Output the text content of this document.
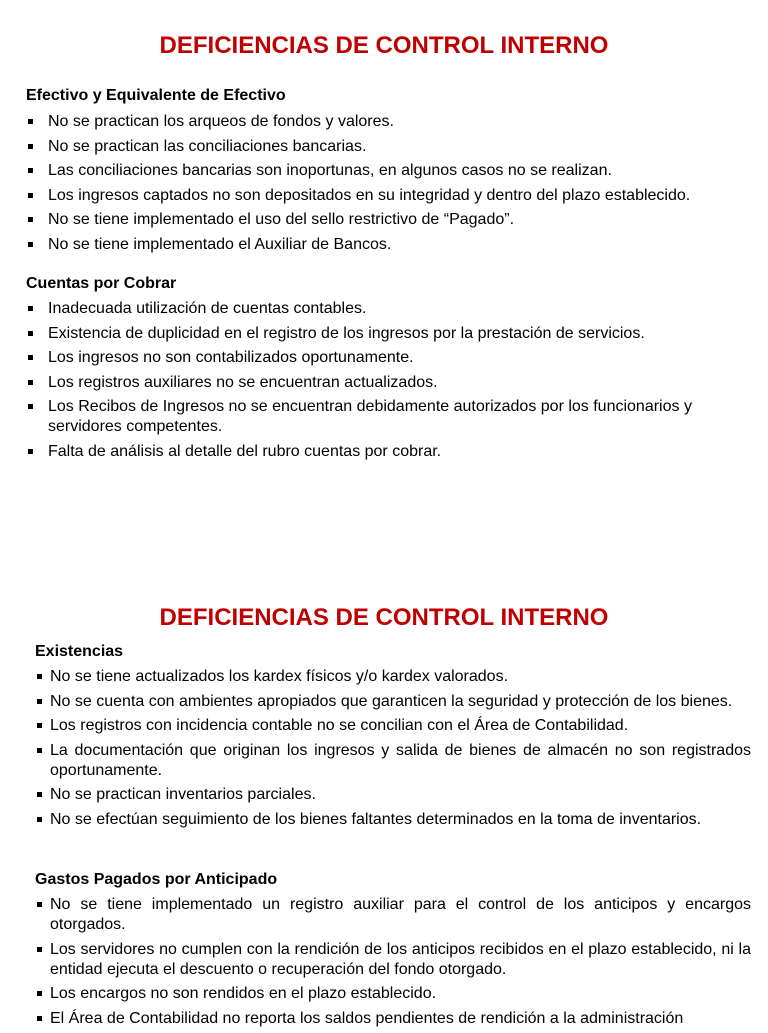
DEFICIENCIAS DE CONTROL INTERNO
Efectivo y Equivalente de Efectivo
No se practican los arqueos de fondos y valores.
No se practican las conciliaciones bancarias.
Las conciliaciones bancarias son inoportunas, en algunos casos no se realizan.
Los ingresos captados no son depositados en su integridad y dentro del plazo establecido.
No se tiene implementado el uso del sello restrictivo de “Pagado”.
No se tiene implementado el Auxiliar de Bancos.
Cuentas por Cobrar
Inadecuada utilización de cuentas contables.
Existencia de duplicidad en el registro de los ingresos por la prestación de servicios.
Los ingresos no son contabilizados oportunamente.
Los registros auxiliares no se encuentran actualizados.
Los Recibos de Ingresos no se encuentran debidamente autorizados por los funcionarios y servidores competentes.
Falta de análisis al detalle del rubro cuentas por cobrar.
DEFICIENCIAS DE CONTROL INTERNO
Existencias
No se tiene actualizados los kardex físicos y/o kardex valorados.
No se cuenta con ambientes apropiados que garanticen la seguridad y protección de los bienes.
Los registros con incidencia contable no se concilian con el Área de Contabilidad.
La documentación que originan los ingresos y salida de bienes de almacén no son registrados oportunamente.
No se practican inventarios parciales.
No se efectúan seguimiento de los bienes faltantes determinados en la toma de inventarios.
Gastos Pagados por Anticipado
No se tiene implementado un registro auxiliar para el control de los anticipos y encargos otorgados.
Los servidores no cumplen con la rendición de los anticipos recibidos en el plazo establecido, ni la entidad ejecuta el descuento o recuperación del fondo otorgado.
Los encargos no son rendidos en el plazo establecido.
El Área de Contabilidad no reporta los saldos pendientes de rendición a la administración
